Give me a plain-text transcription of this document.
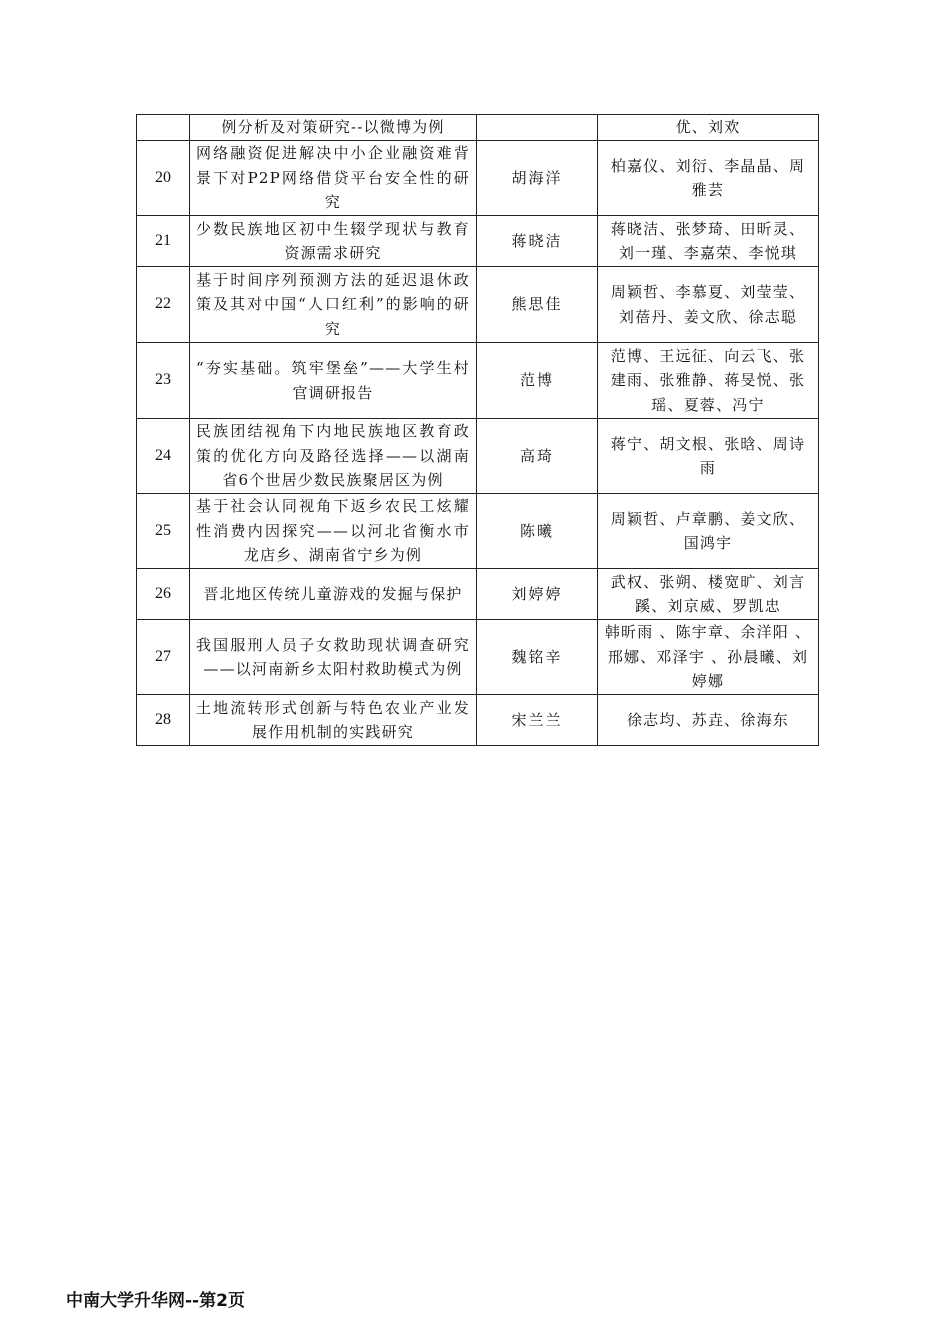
	例分析及对策研究--以微博为例		优、刘欢
20	网络融资促进解决中小企业融资难背景下对P2P网络借贷平台安全性的研究	胡海洋	柏嘉仪、刘衍、李晶晶、周雅芸
21	少数民族地区初中生辍学现状与教育资源需求研究	蒋晓洁	蒋晓洁、张梦琦、田昕灵、刘一瑾、李嘉荣、李悦琪
22	基于时间序列预测方法的延迟退休政策及其对中国“人口红利”的影响的研究	熊思佳	周颖哲、李慕夏、刘莹莹、刘蓓丹、姜文欣、徐志聪
23	“夯实基础。筑牢堡垒”——大学生村官调研报告	范博	范博、王远征、向云飞、张建雨、张雅静、蒋旻悦、张瑶、夏蓉、冯宁
24	民族团结视角下内地民族地区教育政策的优化方向及路径选择——以湖南省6个世居少数民族聚居区为例	高琦	蒋宁、胡文根、张晗、周诗雨
25	基于社会认同视角下返乡农民工炫耀性消费内因探究——以河北省衡水市龙店乡、湖南省宁乡为例	陈曦	周颖哲、卢章鹏、姜文欣、国鸿宇
26	晋北地区传统儿童游戏的发掘与保护	刘婷婷	武权、张朔、楼宽旷、刘言蹊、刘京威、罗凯忠
27	我国服刑人员子女救助现状调查研究——以河南新乡太阳村救助模式为例	魏铭辛	韩昕雨 、陈宇章、余洋阳 、邢娜、邓泽宇 、孙晨曦、刘婷娜
28	土地流转形式创新与特色农业产业发展作用机制的实践研究	宋兰兰	徐志均、苏垚、徐海东
中南大学升华网--第2页
